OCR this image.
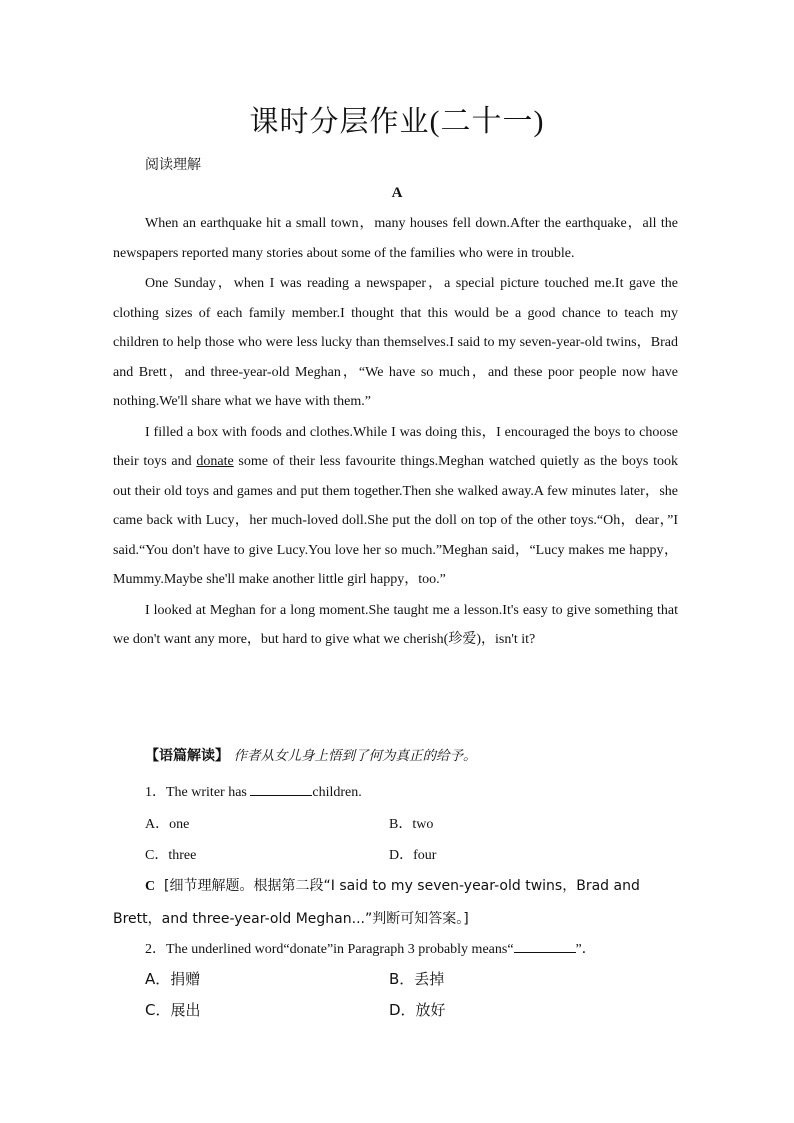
课时分层作业(二十一)
阅读理解
A

When an earthquake hit a small town，many houses fell down.After the earthquake，all the newspapers reported many stories about some of the families who were in trouble.

One Sunday，when I was reading a newspaper，a special picture touched me.It gave the clothing sizes of each family member.I thought that this would be a good chance to teach my children to help those who were less lucky than themselves.I said to my seven-year-old twins，Brad and Brett，and three-year-old Meghan，“We have so much，and these poor people now have nothing.We'll share what we have with them.”

I filled a box with foods and clothes.While I was doing this，I encouraged the boys to choose their toys and donate some of their less favourite things.Meghan watched quietly as the boys took out their old toys and games and put them together.Then she walked away.A few minutes later，she came back with Lucy，her much-loved doll.She put the doll on top of the other toys.“Oh，dear，”I said.“You don't have to give Lucy.You love her so much.”Meghan said，“Lucy makes me happy，Mummy.Maybe she'll make another little girl happy，too.”

I looked at Meghan for a long moment.She taught me a lesson.It's easy to give something that we don't want any more，but hard to give what we cherish(珍爱)，isn't it?

【语篇解读】 作者从女儿身上悟到了何为真正的给予。
1．The writer has	children.
A．one	B．two
C．three	D．four
C [细节理解题。根据第二段“I said to my seven-year-old twins，Brad and Brett，and three-year-old Meghan...”判断可知答案。]
2．The underlined word“donate”in Paragraph 3 probably means“	”．
A．捐赠	B．丢掉
C．展出	D．放好
